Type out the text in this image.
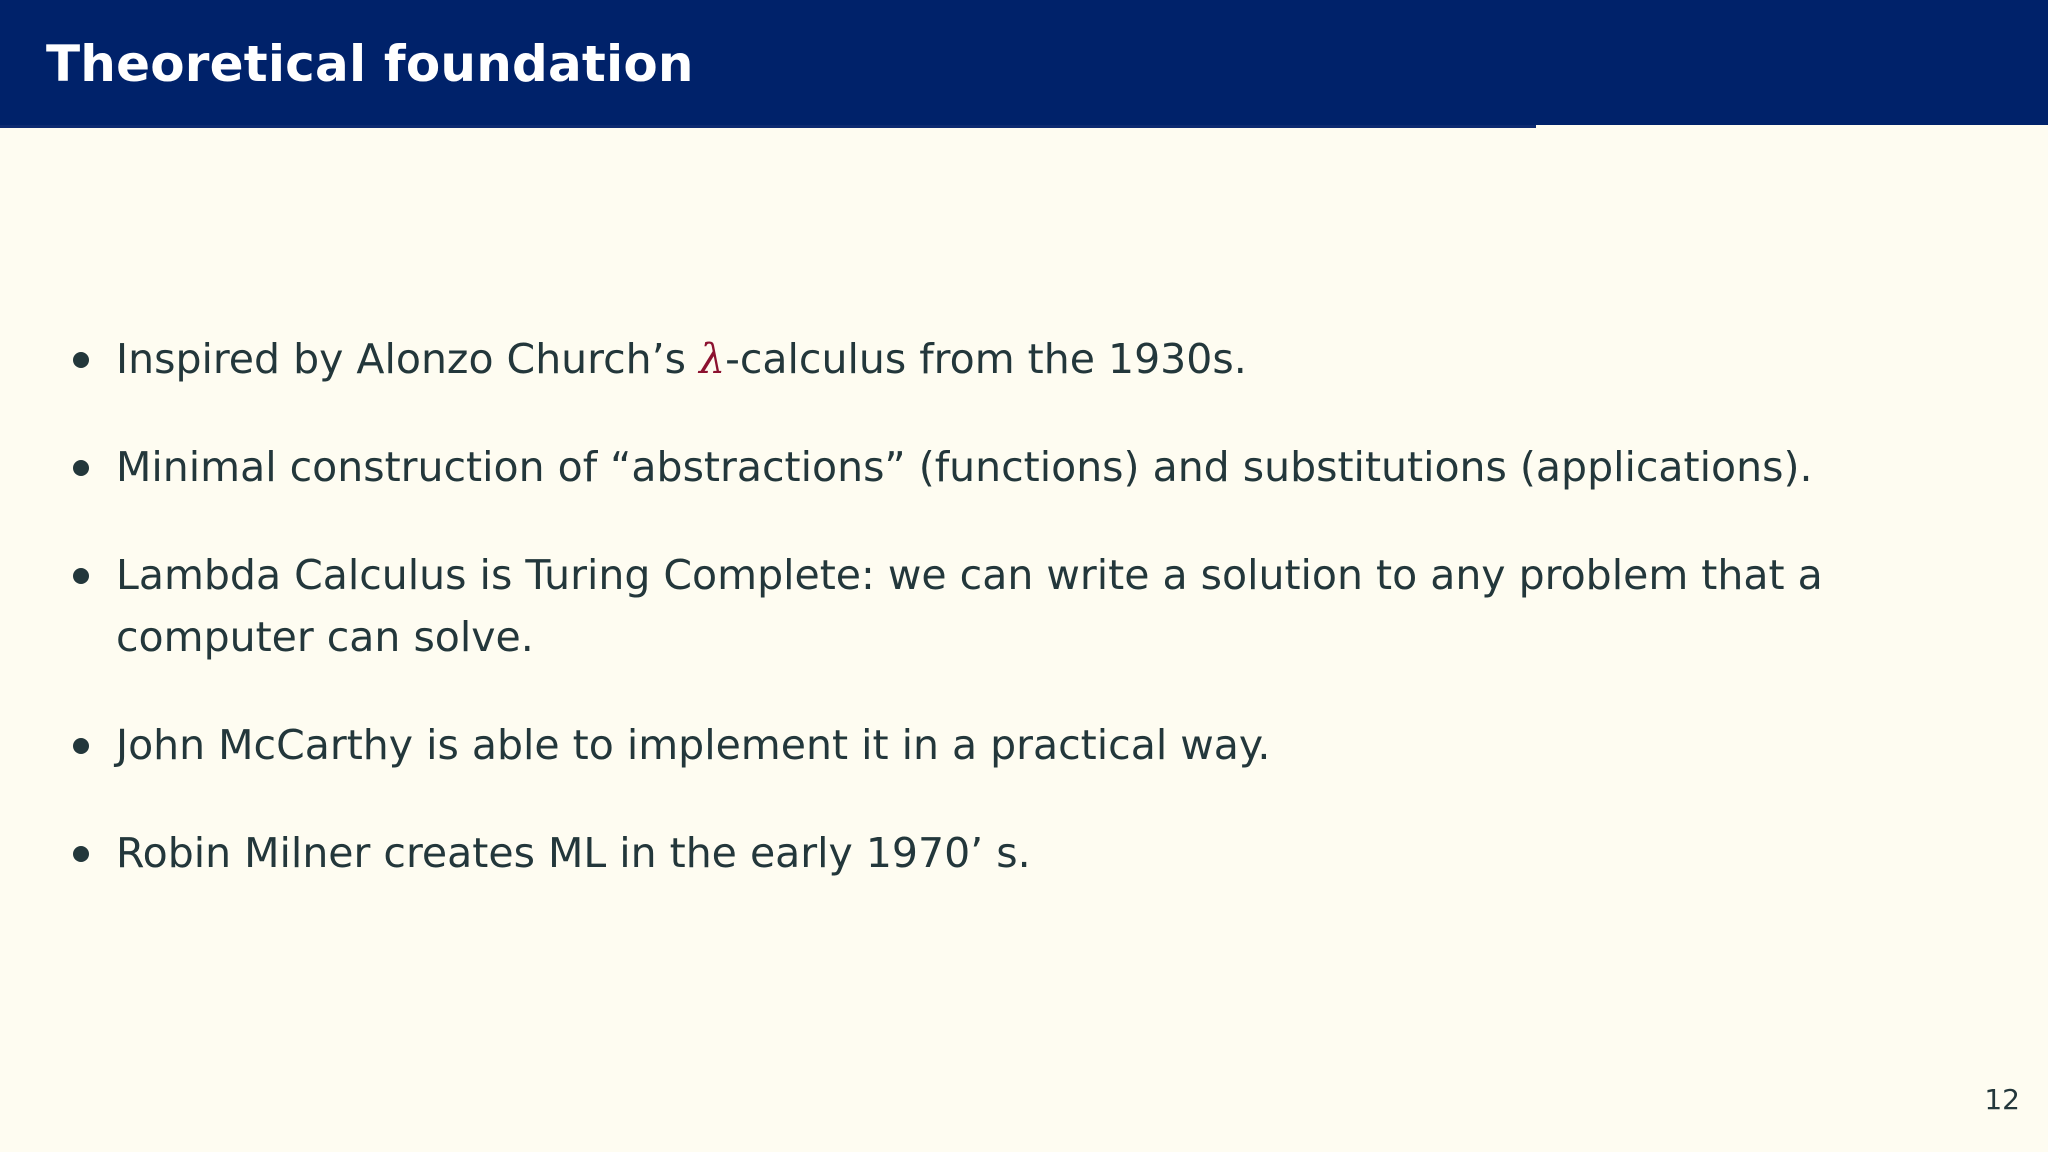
Theoretical foundation
Inspired by Alonzo Church’s λ-calculus from the 1930s.
Minimal construction of “abstractions” (functions) and substitutions (applications).
Lambda Calculus is Turing Complete: we can write a solution to any problem that a computer can solve.
John McCarthy is able to implement it in a practical way.
Robin Milner creates ML in the early 1970’ s.
12
